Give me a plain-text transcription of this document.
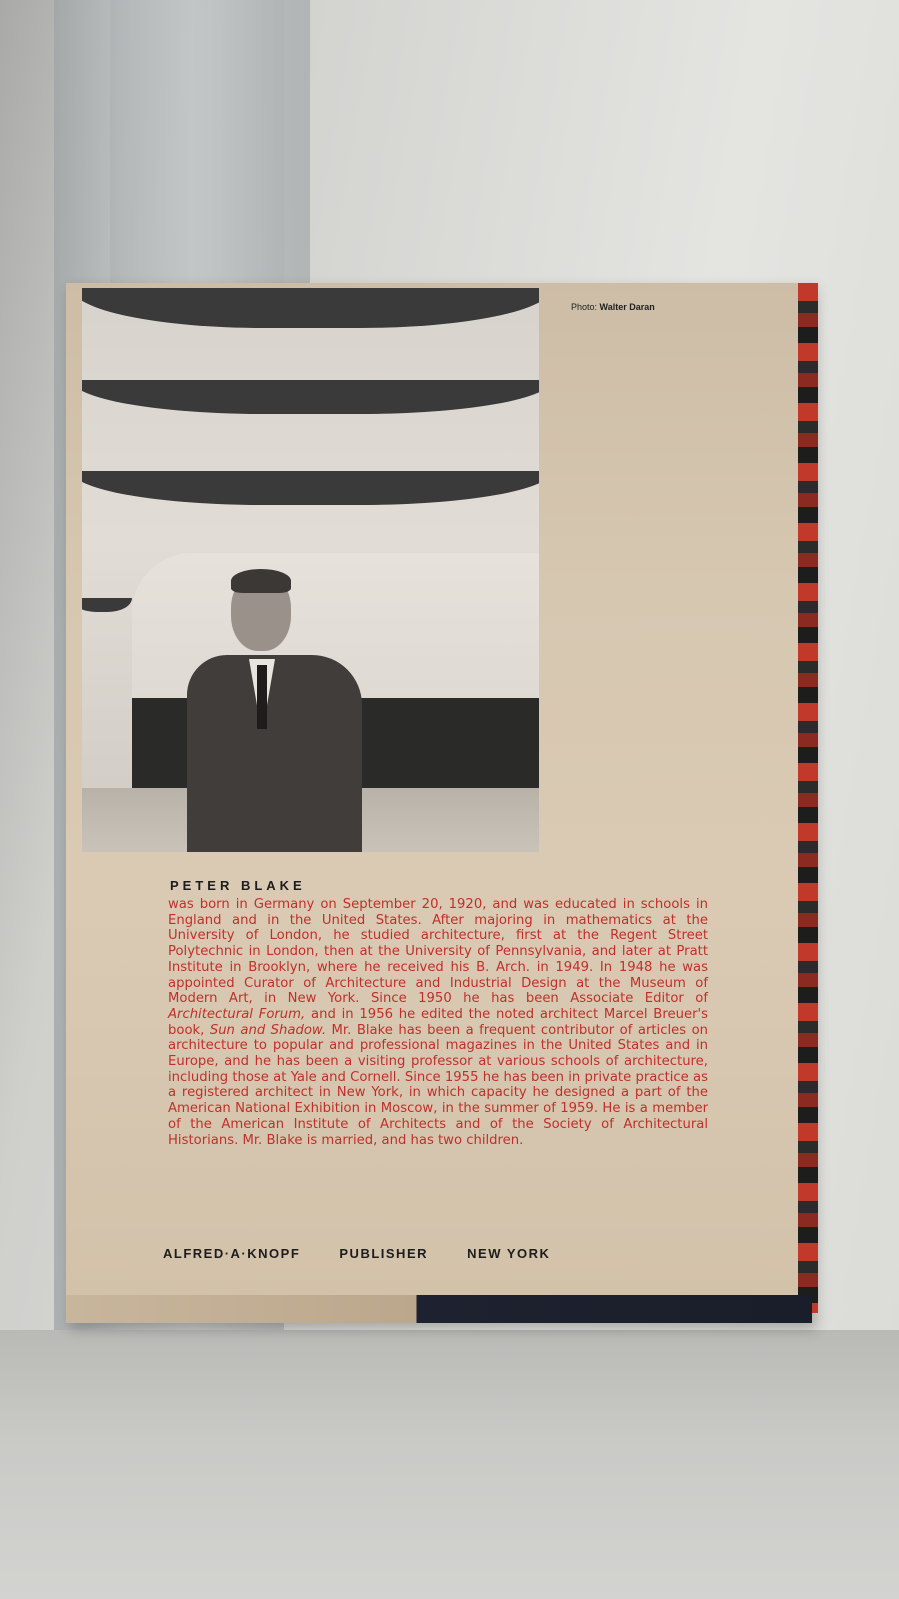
Photo: Walter Daran
PETER BLAKE
was born in Germany on September 20, 1920, and was educated in schools in England and in the United States. After majoring in mathematics at the University of London, he studied architecture, first at the Regent Street Polytechnic in London, then at the University of Pennsylvania, and later at Pratt Institute in Brooklyn, where he received his B. Arch. in 1949. In 1948 he was appointed Curator of Architecture and Industrial Design at the Museum of Modern Art, in New York. Since 1950 he has been Associate Editor of Architectural Forum, and in 1956 he edited the noted architect Marcel Breuer's book, Sun and Shadow. Mr. Blake has been a frequent contributor of articles on architecture to popular and professional magazines in the United States and in Europe, and he has been a visiting professor at various schools of architecture, including those at Yale and Cornell. Since 1955 he has been in private practice as a registered architect in New York, in which capacity he designed a part of the American National Exhibition in Moscow, in the summer of 1959. He is a member of the American Institute of Architects and of the Society of Architectural Historians. Mr. Blake is married, and has two children.
ALFRED·A·KNOPF	PUBLISHER	NEW YORK
